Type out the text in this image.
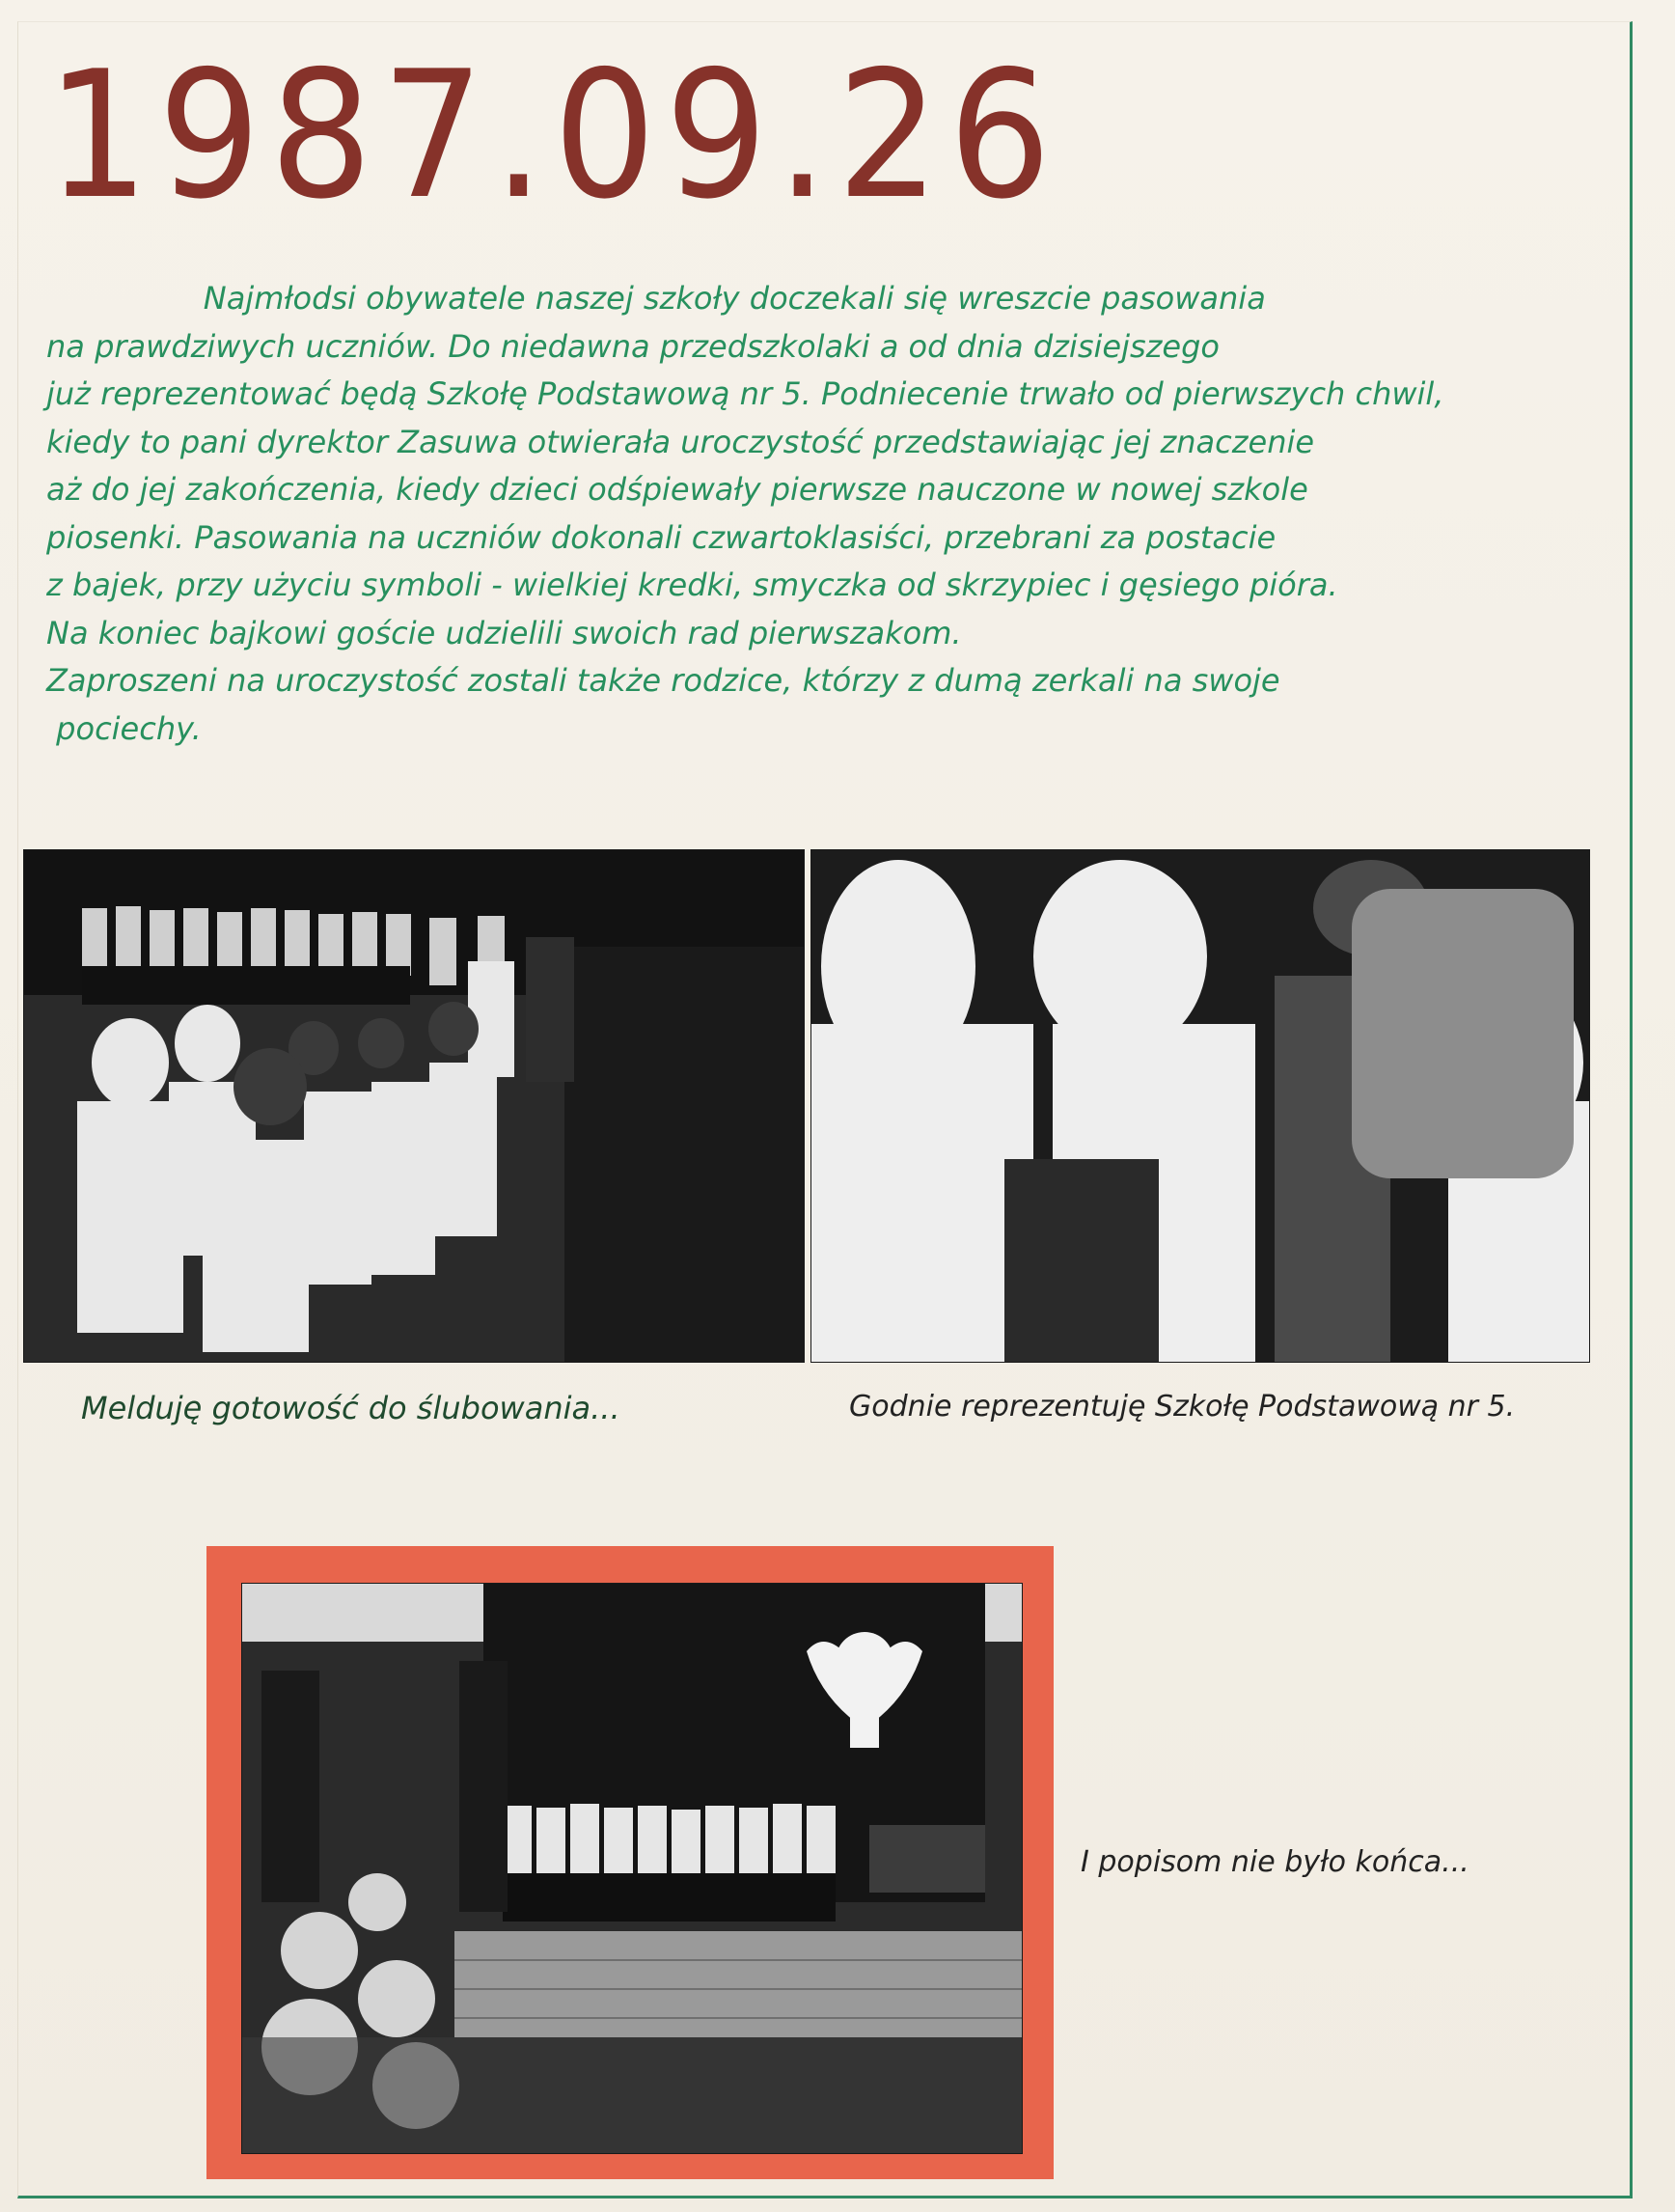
1987.09.26
Najmłodsi obywatele naszej szkoły doczekali się wreszcie pasowania
na prawdziwych uczniów. Do niedawna przedszkolaki a od dnia dzisiejszego
już reprezentować będą Szkołę Podstawową nr 5. Podniecenie trwało od pierwszych chwil,
kiedy to pani dyrektor Zasuwa otwierała uroczystość przedstawiając jej znaczenie
aż do jej zakończenia, kiedy dzieci odśpiewały pierwsze nauczone w nowej szkole
piosenki. Pasowania na uczniów dokonali czwartoklasiści, przebrani za postacie
z bajek, przy użyciu symboli - wielkiej kredki, smyczka od skrzypiec i gęsiego pióra.
Na koniec bajkowi goście udzielili swoich rad pierwszakom.
Zaproszeni na uroczystość zostali także rodzice, którzy z dumą zerkali na swoje
pociechy.
Melduję gotowość do ślubowania...	Godnie reprezentuję Szkołę Podstawową nr 5.
I popisom nie było końca...
